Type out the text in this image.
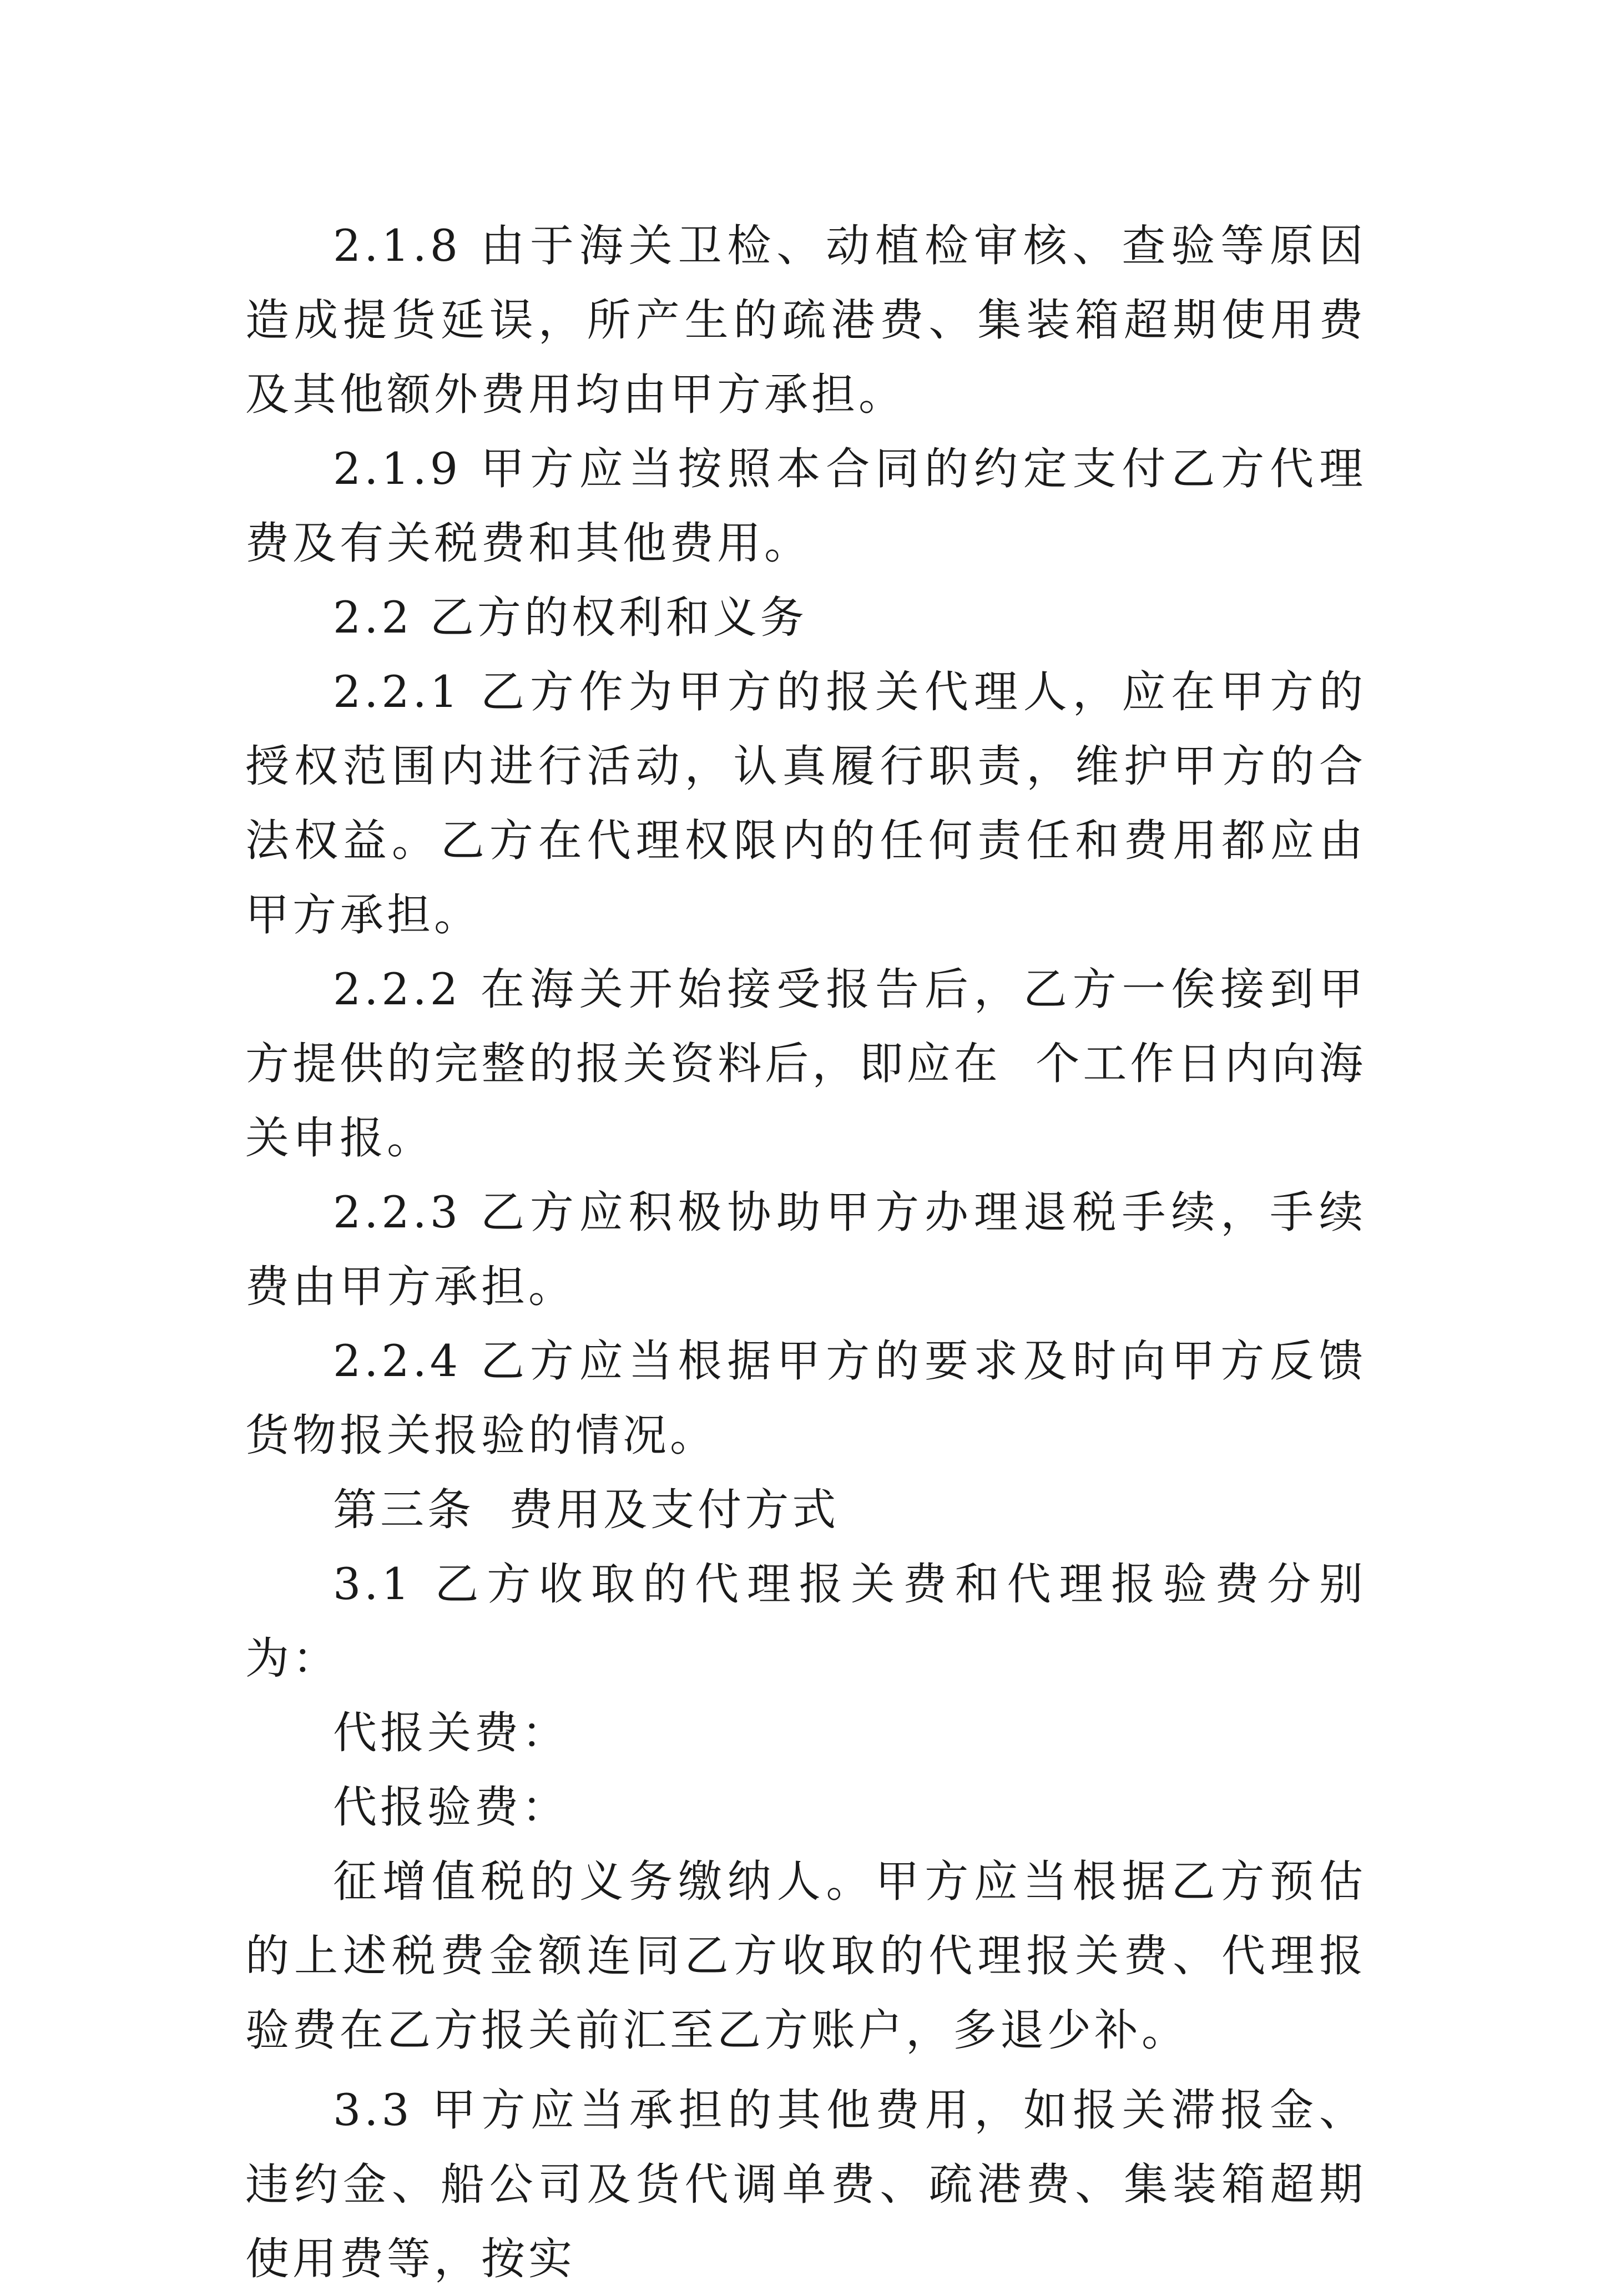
2.1.8 由于海关卫检、动植检审核、查验等原因造成提货延误，所产生的疏港费、集装箱超期使用费及其他额外费用均由甲方承担。

2.1.9 甲方应当按照本合同的约定支付乙方代理费及有关税费和其他费用。

2.2 乙方的权利和义务

2.2.1 乙方作为甲方的报关代理人，应在甲方的授权范围内进行活动，认真履行职责，维护甲方的合法权益。乙方在代理权限内的任何责任和费用都应由甲方承担。

2.2.2 在海关开始接受报告后，乙方一俟接到甲方提供的完整的报关资料后，即应在  个工作日内向海关申报。

2.2.3 乙方应积极协助甲方办理退税手续，手续费由甲方承担。

2.2.4 乙方应当根据甲方的要求及时向甲方反馈货物报关报验的情况。

第三条  费用及支付方式

3.1 乙方收取的代理报关费和代理报验费分别为：

代报关费：

代报验费：

征增值税的义务缴纳人。甲方应当根据乙方预估的上述税费金额连同乙方收取的代理报关费、代理报验费在乙方报关前汇至乙方账户，多退少补。

3.3 甲方应当承担的其他费用，如报关滞报金、违约金、船公司及货代调单费、疏港费、集装箱超期使用费等，按实
